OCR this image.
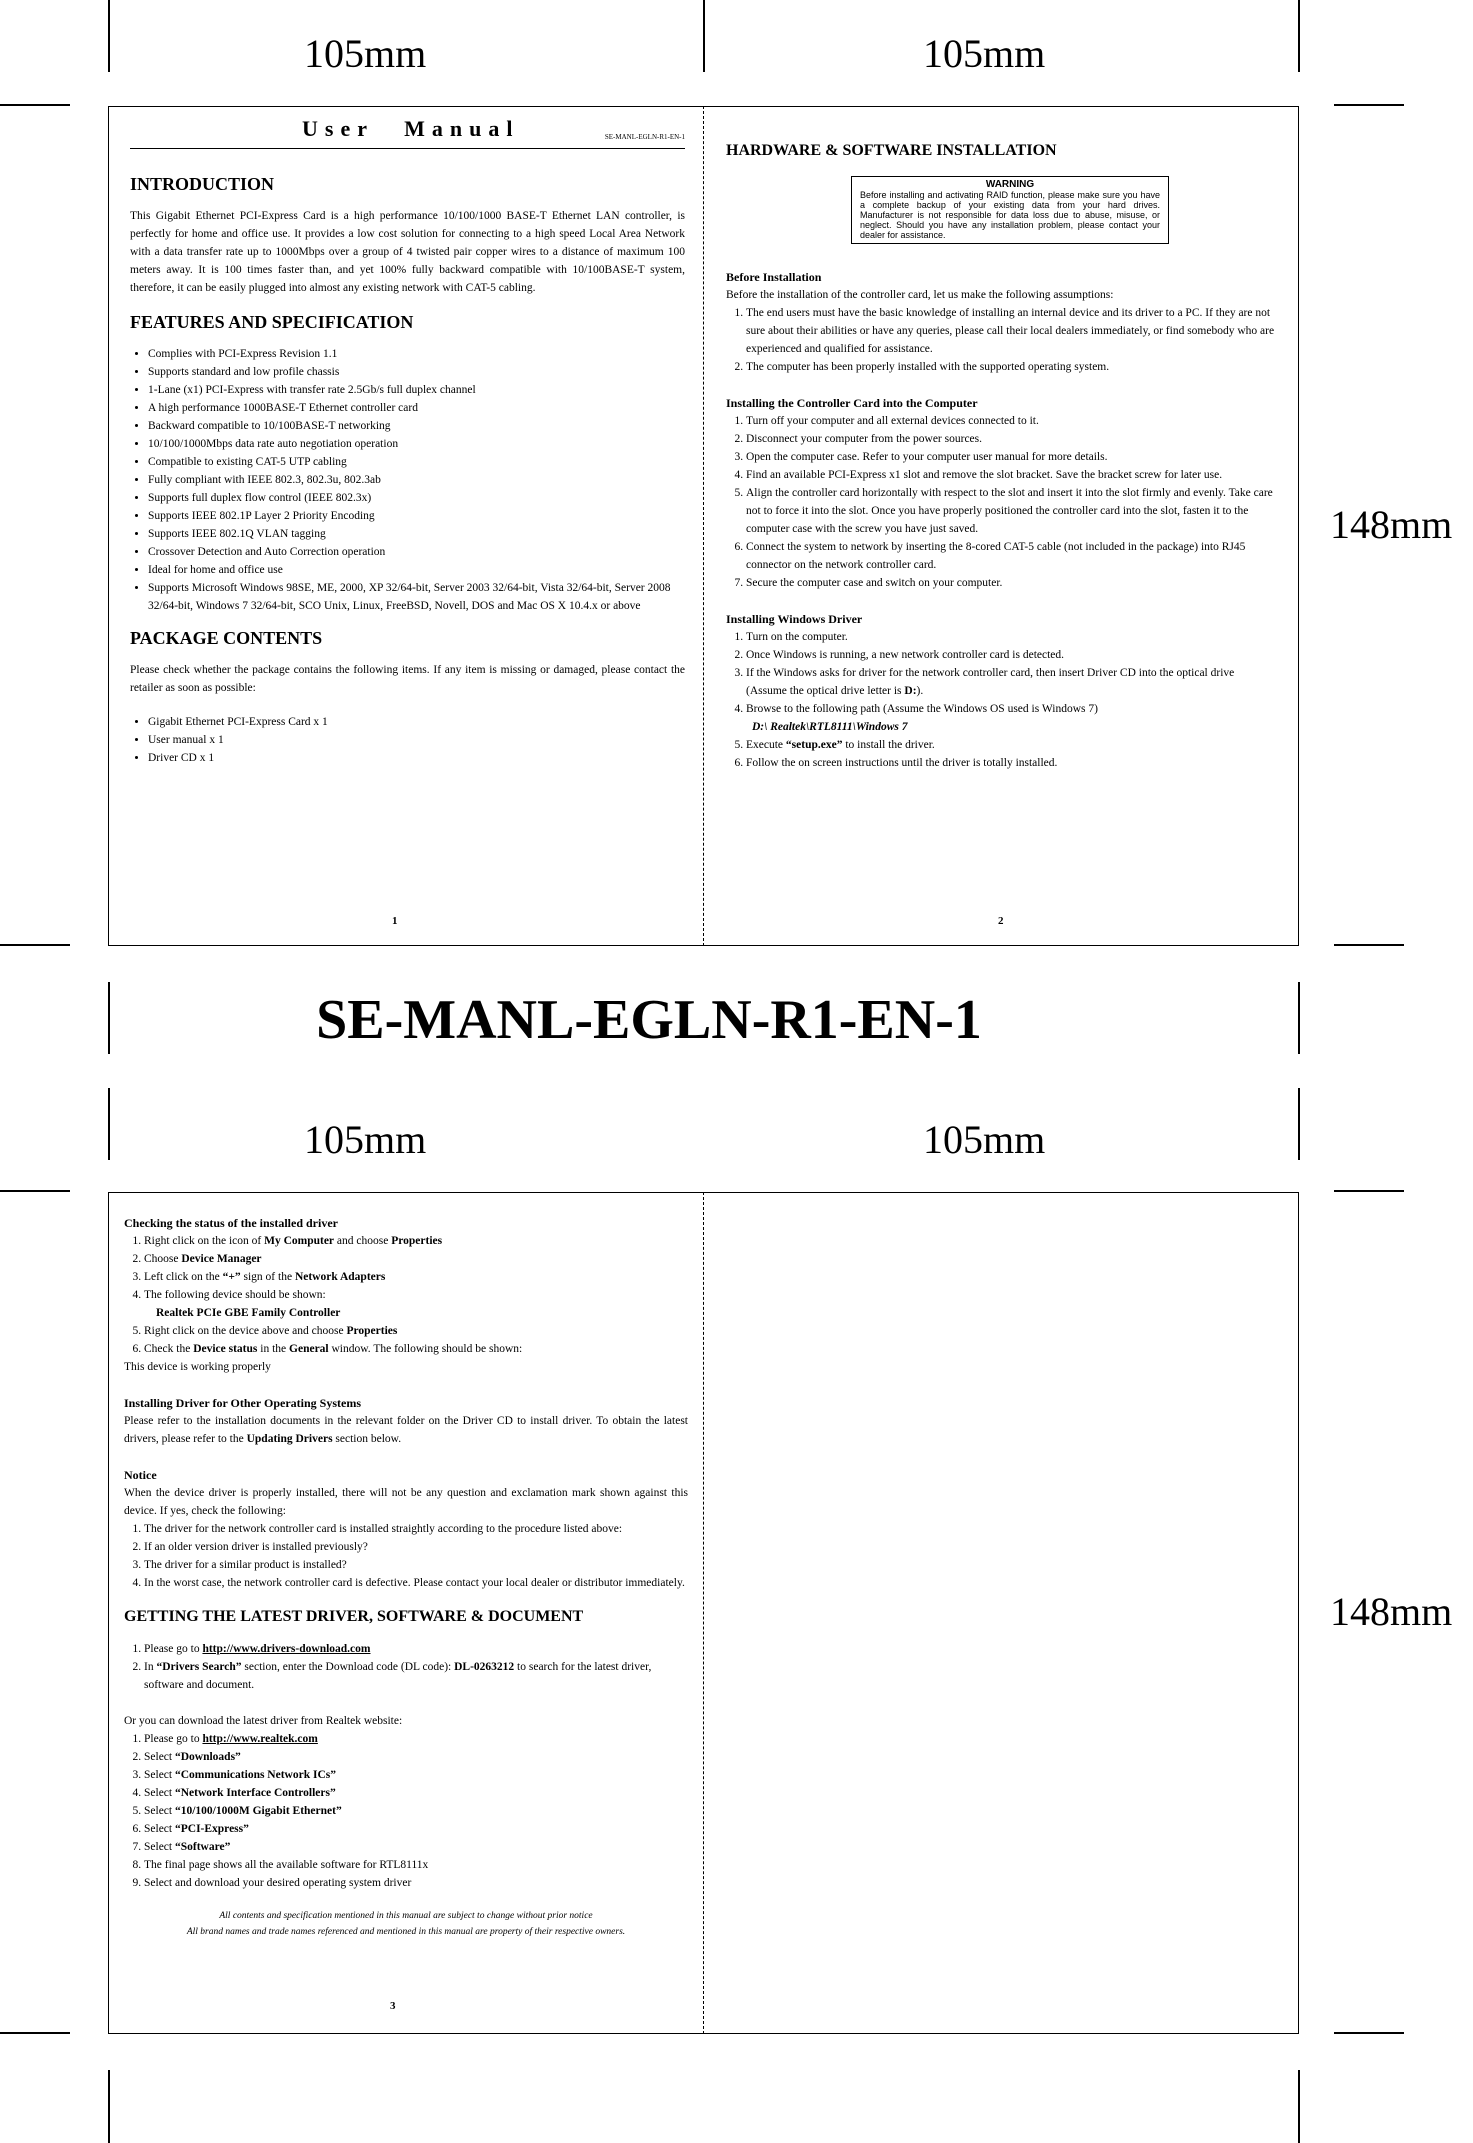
105mm	105mm
148mm
105mm	105mm
148mm
SE-MANL-EGLN-R1-EN-1
User Manual	SE-MANL-EGLN-R1-EN-1
INTRODUCTION
This Gigabit Ethernet PCI-Express Card is a high performance 10/100/1000 BASE-T Ethernet LAN controller, is perfectly for home and office use. It provides a low cost solution for connecting to a high speed Local Area Network with a data transfer rate up to 1000Mbps over a group of 4 twisted pair copper wires to a distance of maximum 100 meters away. It is 100 times faster than, and yet 100% fully backward compatible with 10/100BASE-T system, therefore, it can be easily plugged into almost any existing network with CAT-5 cabling.
FEATURES AND SPECIFICATION
• Complies with PCI-Express Revision 1.1
• Supports standard and low profile chassis
• 1-Lane (x1) PCI-Express with transfer rate 2.5Gb/s full duplex channel
• A high performance 1000BASE-T Ethernet controller card
• Backward compatible to 10/100BASE-T networking
• 10/100/1000Mbps data rate auto negotiation operation
• Compatible to existing CAT-5 UTP cabling
• Fully compliant with IEEE 802.3, 802.3u, 802.3ab
• Supports full duplex flow control (IEEE 802.3x)
• Supports IEEE 802.1P Layer 2 Priority Encoding
• Supports IEEE 802.1Q VLAN tagging
• Crossover Detection and Auto Correction operation
• Ideal for home and office use
• Supports Microsoft Windows 98SE, ME, 2000, XP 32/64-bit, Server 2003 32/64-bit, Vista 32/64-bit, Server 2008 32/64-bit, Windows 7 32/64-bit, SCO Unix, Linux, FreeBSD, Novell, DOS and Mac OS X 10.4.x or above
PACKAGE CONTENTS
Please check whether the package contains the following items. If any item is missing or damaged, please contact the retailer as soon as possible:
• Gigabit Ethernet PCI-Express Card x 1
• User manual x 1
• Driver CD x 1
1
HARDWARE & SOFTWARE INSTALLATION
WARNING
Before installing and activating RAID function, please make sure you have a complete backup of your existing data from your hard drives. Manufacturer is not responsible for data loss due to abuse, misuse, or neglect. Should you have any installation problem, please contact your dealer for assistance.
Before Installation
Before the installation of the controller card, let us make the following assumptions:
1. The end users must have the basic knowledge of installing an internal device and its driver to a PC. If they are not sure about their abilities or have any queries, please call their local dealers immediately, or find somebody who are experienced and qualified for assistance.
2. The computer has been properly installed with the supported operating system.
Installing the Controller Card into the Computer
1. Turn off your computer and all external devices connected to it.
2. Disconnect your computer from the power sources.
3. Open the computer case. Refer to your computer user manual for more details.
4. Find an available PCI-Express x1 slot and remove the slot bracket. Save the bracket screw for later use.
5. Align the controller card horizontally with respect to the slot and insert it into the slot firmly and evenly. Take care not to force it into the slot. Once you have properly positioned the controller card into the slot, fasten it to the computer case with the screw you have just saved.
6. Connect the system to network by inserting the 8-cored CAT-5 cable (not included in the package) into RJ45 connector on the network controller card.
7. Secure the computer case and switch on your computer.
Installing Windows Driver
1. Turn on the computer.
2. Once Windows is running, a new network controller card is detected.
3. If the Windows asks for driver for the network controller card, then insert Driver CD into the optical drive (Assume the optical drive letter is D:).
4. Browse to the following path (Assume the Windows OS used is Windows 7)
D:\ Realtek\RTL8111\Windows 7
5. Execute “setup.exe” to install the driver.
6. Follow the on screen instructions until the driver is totally installed.
2
Checking the status of the installed driver
1. Right click on the icon of My Computer and choose Properties
2. Choose Device Manager
3. Left click on the “+” sign of the Network Adapters
4. The following device should be shown:
Realtek PCIe GBE Family Controller
5. Right click on the device above and choose Properties
6. Check the Device status in the General window. The following should be shown:
This device is working properly
Installing Driver for Other Operating Systems
Please refer to the installation documents in the relevant folder on the Driver CD to install driver. To obtain the latest drivers, please refer to the Updating Drivers section below.
Notice
When the device driver is properly installed, there will not be any question and exclamation mark shown against this device. If yes, check the following:
1. The driver for the network controller card is installed straightly according to the procedure listed above:
2. If an older version driver is installed previously?
3. The driver for a similar product is installed?
4. In the worst case, the network controller card is defective. Please contact your local dealer or distributor immediately.
GETTING THE LATEST DRIVER, SOFTWARE & DOCUMENT
1. Please go to http://www.drivers-download.com
2. In “Drivers Search” section, enter the Download code (DL code): DL-0263212 to search for the latest driver, software and document.
Or you can download the latest driver from Realtek website:
1. Please go to http://www.realtek.com
2. Select “Downloads”
3. Select “Communications Network ICs”
4. Select “Network Interface Controllers”
5. Select “10/100/1000M Gigabit Ethernet”
6. Select “PCI-Express”
7. Select “Software”
8. The final page shows all the available software for RTL8111x
9. Select and download your desired operating system driver
All contents and specification mentioned in this manual are subject to change without prior notice
All brand names and trade names referenced and mentioned in this manual are property of their respective owners.
3
